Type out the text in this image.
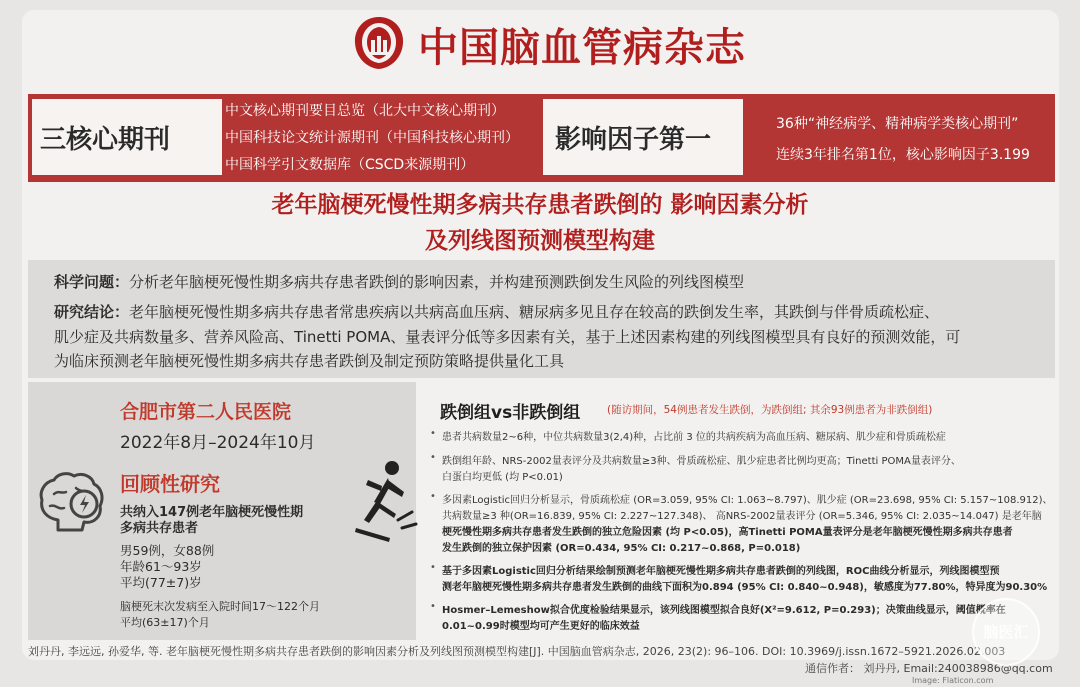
中国脑血管病杂志
三核心期刊
中文核心期刊要目总览（北大中文核心期刊）
中国科技论文统计源期刊（中国科技核心期刊）
中国科学引文数据库（CSCD来源期刊）
影响因子第一
36种“神经病学、精神病学类核心期刊”
连续3年排名第1位，核心影响因子3.199
老年脑梗死慢性期多病共存患者跌倒的 影响因素分析
及列线图预测模型构建
科学问题：分析老年脑梗死慢性期多病共存患者跌倒的影响因素，并构建预测跌倒发生风险的列线图模型
研究结论：老年脑梗死慢性期多病共存患者常患疾病以共病高血压病、糖尿病多见且存在较高的跌倒发生率，其跌倒与伴骨质疏松症、
肌少症及共病数量多、营养风险高、Tinetti POMA、量表评分低等多因素有关，基于上述因素构建的列线图模型具有良好的预测效能，可
为临床预测老年脑梗死慢性期多病共存患者跌倒及制定预防策略提供量化工具
合肥市第二人民医院
2022年8月–2024年10月
回顾性研究
共纳入147例老年脑梗死慢性期
多病共存患者
男59例，女88例
年龄61～93岁
平均(77±7)岁
脑梗死末次发病至入院时间17～122个月
平均(63±17)个月
跌倒组vs非跌倒组	(随访期间，54例患者发生跌倒，为跌倒组; 其余93例患者为非跌倒组)
• 患者共病数量2~6种，中位共病数量3(2,4)种，占比前 3 位的共病疾病为高血压病、糖尿病、肌少症和骨质疏松症
• 跌倒组年龄、NRS-2002量表评分及共病数量≥3种、骨质疏松症、肌少症患者比例均更高；Tinetti POMA量表评分、
白蛋白均更低 (均 P<0.01)
• 多因素Logistic回归分析显示，骨质疏松症 (OR=3.059, 95% CI: 1.063~8.797)、肌少症 (OR=23.698, 95% CI: 5.157~108.912)、
共病数量≥3 种(OR=16.839, 95% CI: 2.227~127.348)、 高NRS-2002量表评分 (OR=5.346, 95% CI: 2.035~14.047) 是老年脑
梗死慢性期多病共存患者发生跌倒的独立危险因素 (均 P<0.05)，高Tinetti POMA量表评分是老年脑梗死慢性期多病共存患者
发生跌倒的独立保护因素 (OR=0.434, 95% CI: 0.217~0.868, P=0.018)
• 基于多因素Logistic回归分析结果绘制预测老年脑梗死慢性期多病共存患者跌倒的列线图，ROC曲线分析显示，列线图模型预
测老年脑梗死慢性期多病共存患者发生跌倒的曲线下面积为0.894 (95% CI: 0.840~0.948)，敏感度为77.80%，特异度为90.30%
• Hosmer–Lemeshow拟合优度检验结果显示，该列线图模型拟合良好(X²=9.612, P=0.293)；决策曲线显示，阈值概率在
0.01~0.99时模型均可产生更好的临床效益
刘丹丹, 李远远, 孙爱华, 等. 老年脑梗死慢性期多病共存患者跌倒的影响因素分析及列线图预测模型构建[J]. 中国脑血管病杂志, 2026, 23(2): 96–106. DOI: 10.3969/j.issn.1672–5921.2026.02.003
通信作者： 刘丹丹, Email:240038986@qq.com
Image: Flaticon.com
脑医汇
